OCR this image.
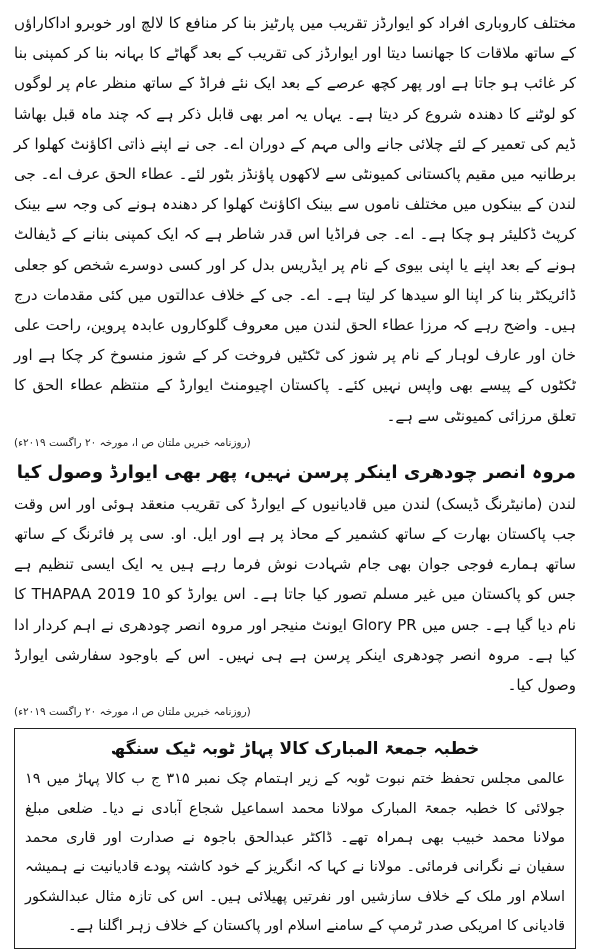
مختلف کاروباری افراد کو ایوارڈز تقریب میں پارٹیز بنا کر منافع کا لالچ اور خوبرو اداکاراؤں کے ساتھ ملاقات کا جھانسا دیتا اور ایوارڈز کی تقریب کے بعد گھاٹے کا بہانہ بنا کر کمپنی بنا کر غائب ہو جاتا ہے اور پھر کچھ عرصے کے بعد ایک نئے فراڈ کے ساتھ منظر عام پر لوگوں کو لوٹنے کا دھندہ شروع کر دیتا ہے۔ یہاں یہ امر بھی قابل ذکر ہے کہ چند ماہ قبل بھاشا ڈیم کی تعمیر کے لئے چلائی جانے والی مہم کے دوران اے۔ جی نے اپنے ذاتی اکاؤنٹ کھلوا کر برطانیہ میں مقیم پاکستانی کمیونٹی سے لاکھوں پاؤنڈز بٹور لئے۔ عطاء الحق عرف اے۔ جی لندن کے بینکوں میں مختلف ناموں سے بینک اکاؤنٹ کھلوا کر دھندہ ہونے کی وجہ سے بینک کرپٹ ڈکلیئر ہو چکا ہے۔ اے۔ جی فراڈیا اس قدر شاطر ہے کہ ایک کمپنی بنانے کے ڈیفالٹ ہونے کے بعد اپنے یا اپنی بیوی کے نام پر ایڈریس بدل کر اور کسی دوسرے شخص کو جعلی ڈائریکٹر بنا کر اپنا الو سیدھا کر لیتا ہے۔ اے۔ جی کے خلاف عدالتوں میں کئی مقدمات درج ہیں۔ واضح رہے کہ مرزا عطاء الحق لندن میں معروف گلوکاروں عابدہ پروین، راحت علی خان اور عارف لوہار کے نام پر شوز کی ٹکٹیں فروخت کر کے شوز منسوخ کر چکا ہے اور ٹکٹوں کے پیسے بھی واپس نہیں کئے۔ پاکستان اچیومنٹ ایوارڈ کے منتظم عطاء الحق کا تعلق مرزائی کمیونٹی سے ہے۔

(روزنامہ خبریں ملتان ص ا، مورخہ ۲۰ راگست ۲۰۱۹ء)
مروہ انصر چودھری اینکر پرسن نہیں، پھر بھی ایوارڈ وصول کیا

لندن (مانیٹرنگ ڈیسک) لندن میں قادیانیوں کے ایوارڈ کی تقریب منعقد ہوئی اور اس وقت جب پاکستان بھارت کے ساتھ کشمیر کے محاذ پر ہے اور ایل. او. سی پر فائرنگ کے ساتھ ساتھ ہمارے فوجی جوان بھی جام شہادت نوش فرما رہے ہیں یہ ایک ایسی تنظیم ہے جس کو پاکستان میں غیر مسلم تصور کیا جاتا ہے۔ اس یوارڈ کو 10 THAPAA 2019 کا نام دیا گیا ہے۔ جس میں Glory PR ایونٹ منیجر اور مروہ انصر چودھری نے اہم کردار ادا کیا ہے۔ مروہ انصر چودھری اینکر پرسن ہے ہی نہیں۔ اس کے باوجود سفارشی ایوارڈ وصول کیا۔

(روزنامہ خبریں ملتان ص ا، مورخہ ۲۰ راگست ۲۰۱۹ء)
خطبہ جمعۃ المبارک کالا پہاڑ ٹوبہ ٹیک سنگھ

عالمی مجلس تحفظ ختم نبوت ٹوبہ کے زیر اہتمام چک نمبر ۳۱۵ ج ب کالا پہاڑ میں ۱۹ جولائی کا خطبہ جمعۃ المبارک مولانا محمد اسماعیل شجاع آبادی نے دیا۔ ضلعی مبلغ مولانا محمد خبیب بھی ہمراہ تھے۔ ڈاکٹر عبدالحق باجوہ نے صدارت اور قاری محمد سفیان نے نگرانی فرمائی۔ مولانا نے کہا کہ انگریز کے خود کاشتہ پودے قادیانیت نے ہمیشہ اسلام اور ملک کے خلاف سازشیں اور نفرتیں پھیلائی ہیں۔ اس کی تازہ مثال عبدالشکور قادیانی کا امریکی صدر ٹرمپ کے سامنے اسلام اور پاکستان کے خلاف زہر اگلنا ہے۔
